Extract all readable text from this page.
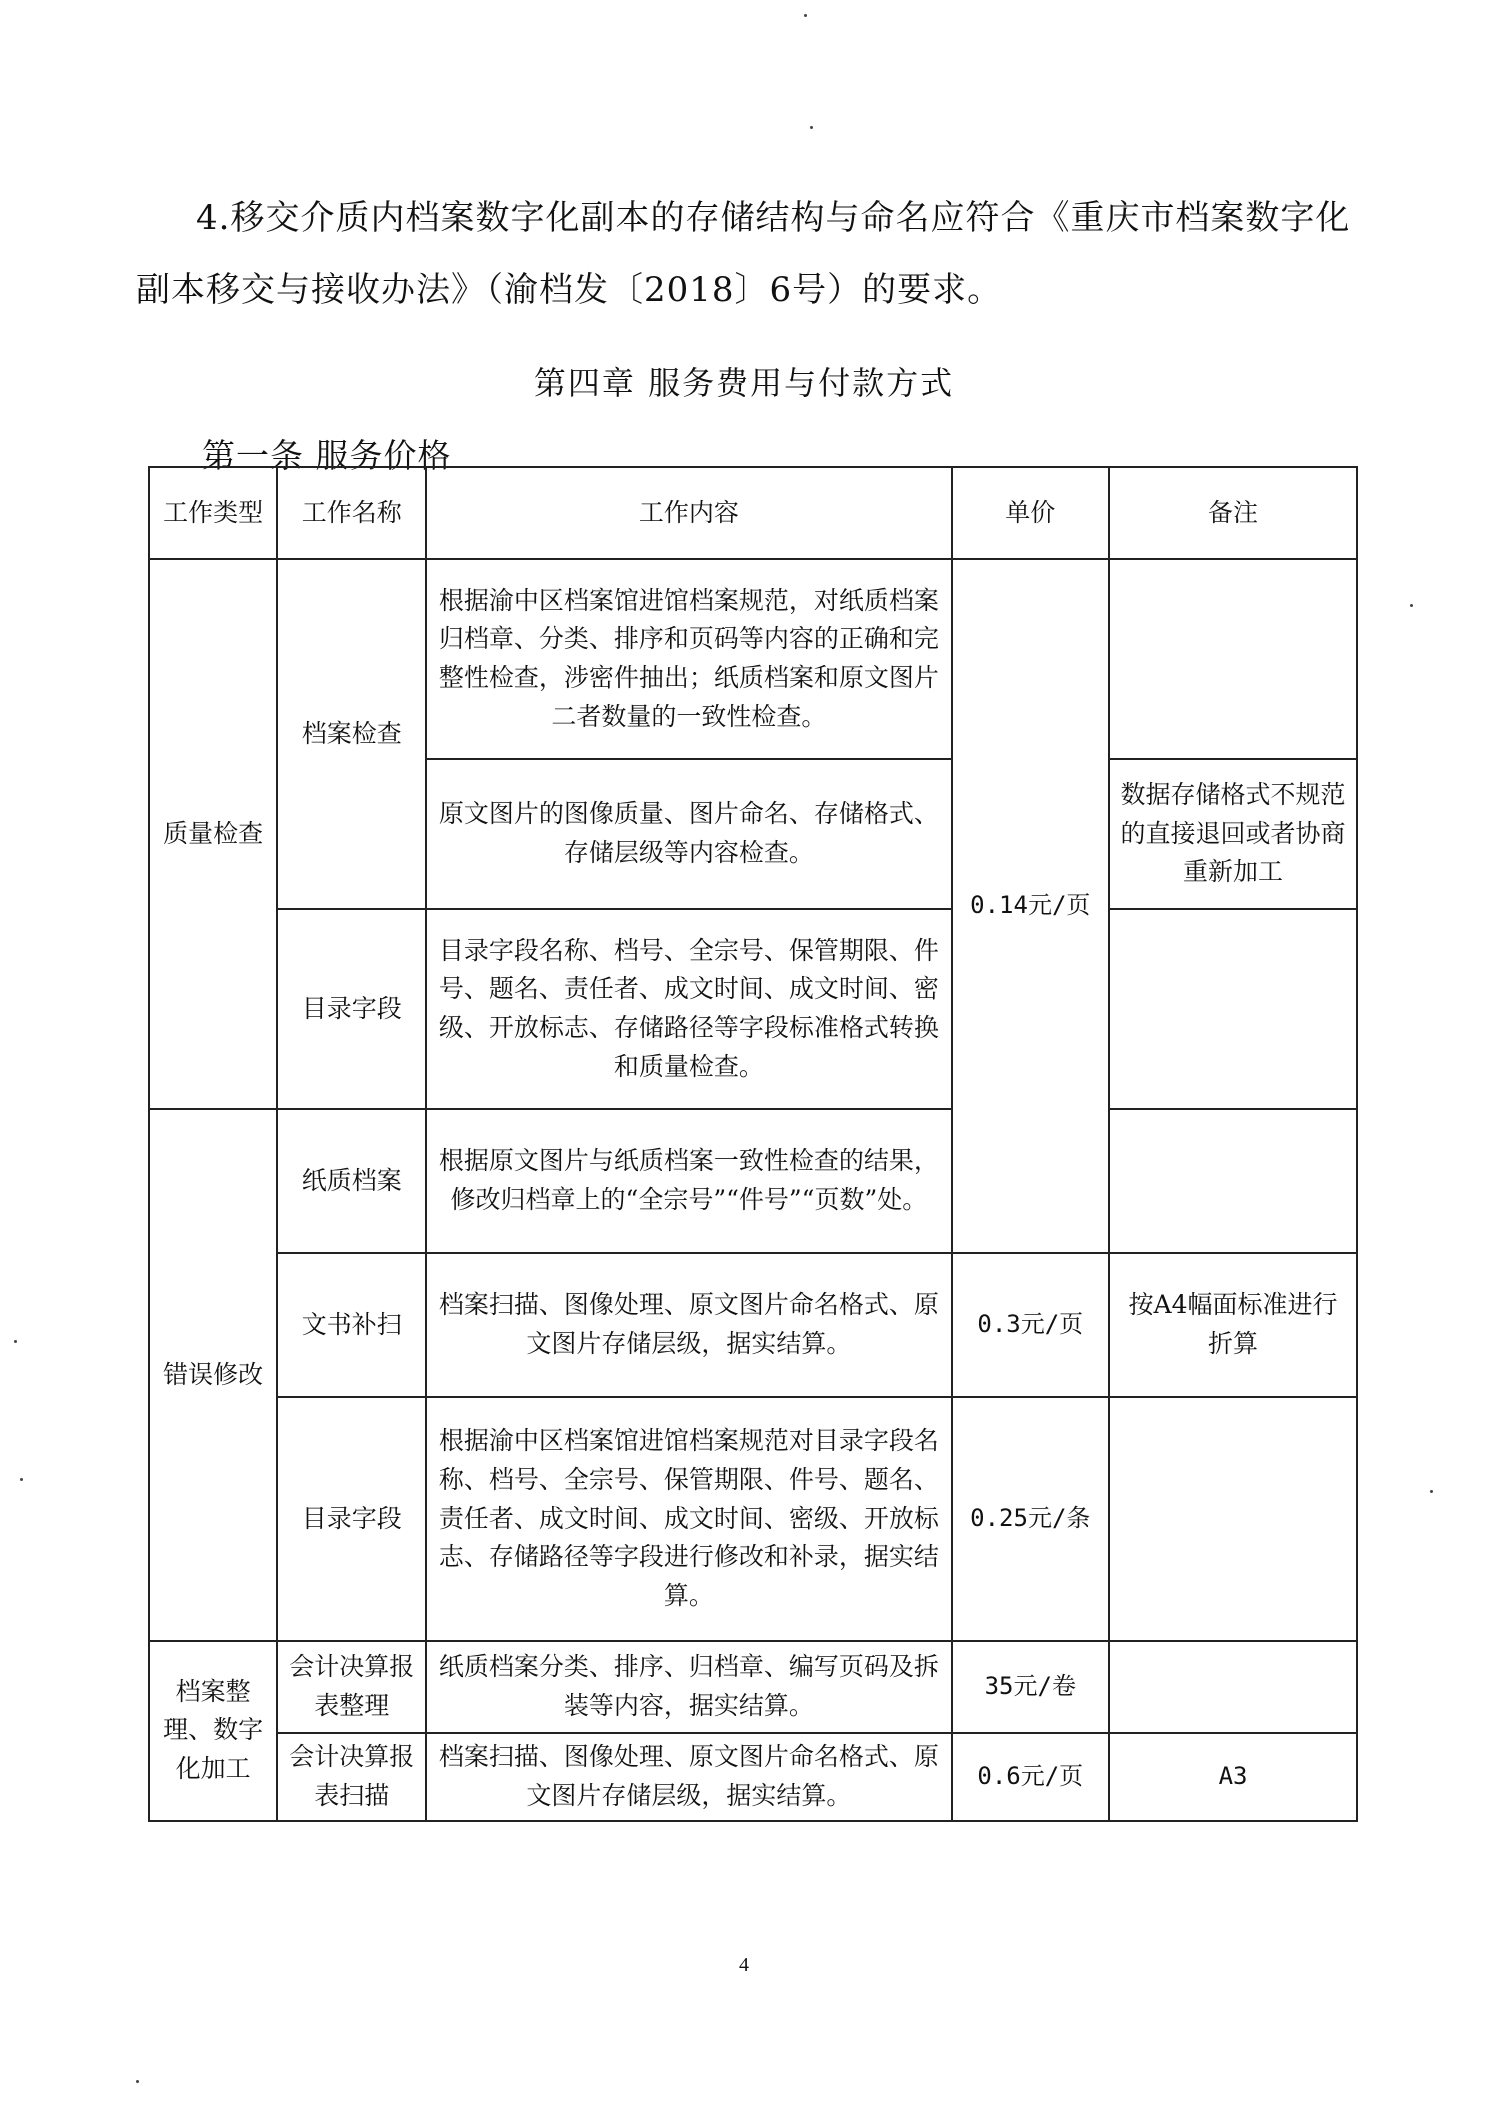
4.移交介质内档案数字化副本的存储结构与命名应符合《重庆市档案数字化
副本移交与接收办法》（渝档发〔2018〕6号）的要求。
第四章 服务费用与付款方式
第一条 服务价格
工作类型	工作名称	工作内容	单价	备注
质量检查	档案检查	根据渝中区档案馆进馆档案规范，对纸质档案归档章、分类、排序和页码等内容的正确和完整性检查，涉密件抽出；纸质档案和原文图片二者数量的一致性检查。	0.14元/页	
		原文图片的图像质量、图片命名、存储格式、存储层级等内容检查。		数据存储格式不规范的直接退回或者协商重新加工
	目录字段	目录字段名称、档号、全宗号、保管期限、件号、题名、责任者、成文时间、成文时间、密级、开放标志、存储路径等字段标准格式转换和质量检查。		
错误修改	纸质档案	根据原文图片与纸质档案一致性检查的结果，修改归档章上的“全宗号”“件号”“页数”处。		
	文书补扫	档案扫描、图像处理、原文图片命名格式、原文图片存储层级，据实结算。	0.3元/页	按A4幅面标准进行折算
	目录字段	根据渝中区档案馆进馆档案规范对目录字段名称、档号、全宗号、保管期限、件号、题名、责任者、成文时间、成文时间、密级、开放标志、存储路径等字段进行修改和补录，据实结算。	0.25元/条	
档案整理、数字化加工	会计决算报表整理	纸质档案分类、排序、归档章、编写页码及拆装等内容，据实结算。	35元/卷	
	会计决算报表扫描	档案扫描、图像处理、原文图片命名格式、原文图片存储层级，据实结算。	0.6元/页	A3
4
